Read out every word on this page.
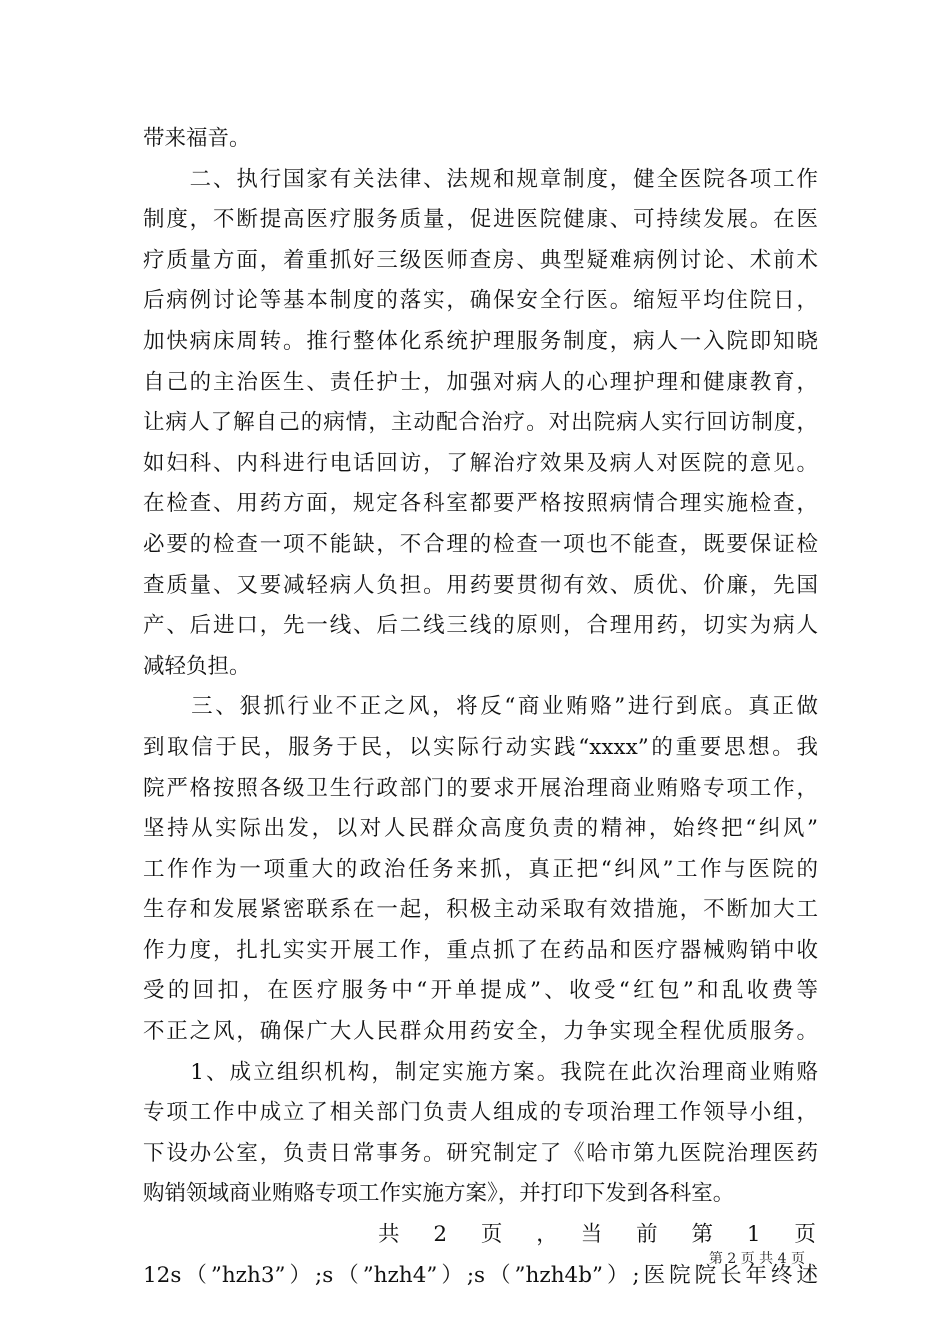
带来福音。
　　二、执行国家有关法律、法规和规章制度，健全医院各项工作
制度，不断提高医疗服务质量，促进医院健康、可持续发展。在医
疗质量方面，着重抓好三级医师查房、典型疑难病例讨论、术前术
后病例讨论等基本制度的落实，确保安全行医。缩短平均住院日，
加快病床周转。推行整体化系统护理服务制度，病人一入院即知晓
自己的主治医生、责任护士，加强对病人的心理护理和健康教育，
让病人了解自己的病情，主动配合治疗。对出院病人实行回访制度，
如妇科、内科进行电话回访，了解治疗效果及病人对医院的意见。
在检查、用药方面，规定各科室都要严格按照病情合理实施检查，
必要的检查一项不能缺，不合理的检查一项也不能查，既要保证检
查质量、又要减轻病人负担。用药要贯彻有效、质优、价廉，先国
产、后进口，先一线、后二线三线的原则，合理用药，切实为病人
减轻负担。
　　三、狠抓行业不正之风，将反“商业贿赂”进行到底。真正做
到取信于民，服务于民，以实际行动实践“xxxx”的重要思想。我
院严格按照各级卫生行政部门的要求开展治理商业贿赂专项工作，
坚持从实际出发，以对人民群众高度负责的精神，始终把“纠风”
工作作为一项重大的政治任务来抓，真正把“纠风”工作与医院的
生存和发展紧密联系在一起，积极主动采取有效措施，不断加大工
作力度，扎扎实实开展工作，重点抓了在药品和医疗器械购销中收
受的回扣，在医疗服务中“开单提成”、收受“红包”和乱收费等
不正之风，确保广大人民群众用药安全，力争实现全程优质服务。
　　1、成立组织机构，制定实施方案。我院在此次治理商业贿赂
专项工作中成立了相关部门负责人组成的专项治理工作领导小组，
下设办公室，负责日常事务。研究制定了《哈市第九医院治理医药
购销领域商业贿赂专项工作实施方案》，并打印下发到各科室。
共　2　页　，　当　前　第　1　页
12s（”hzh3”）;s（”hzh4”）;s（”hzh4b”）;医院院长年终述
第 2 页 共 4 页
